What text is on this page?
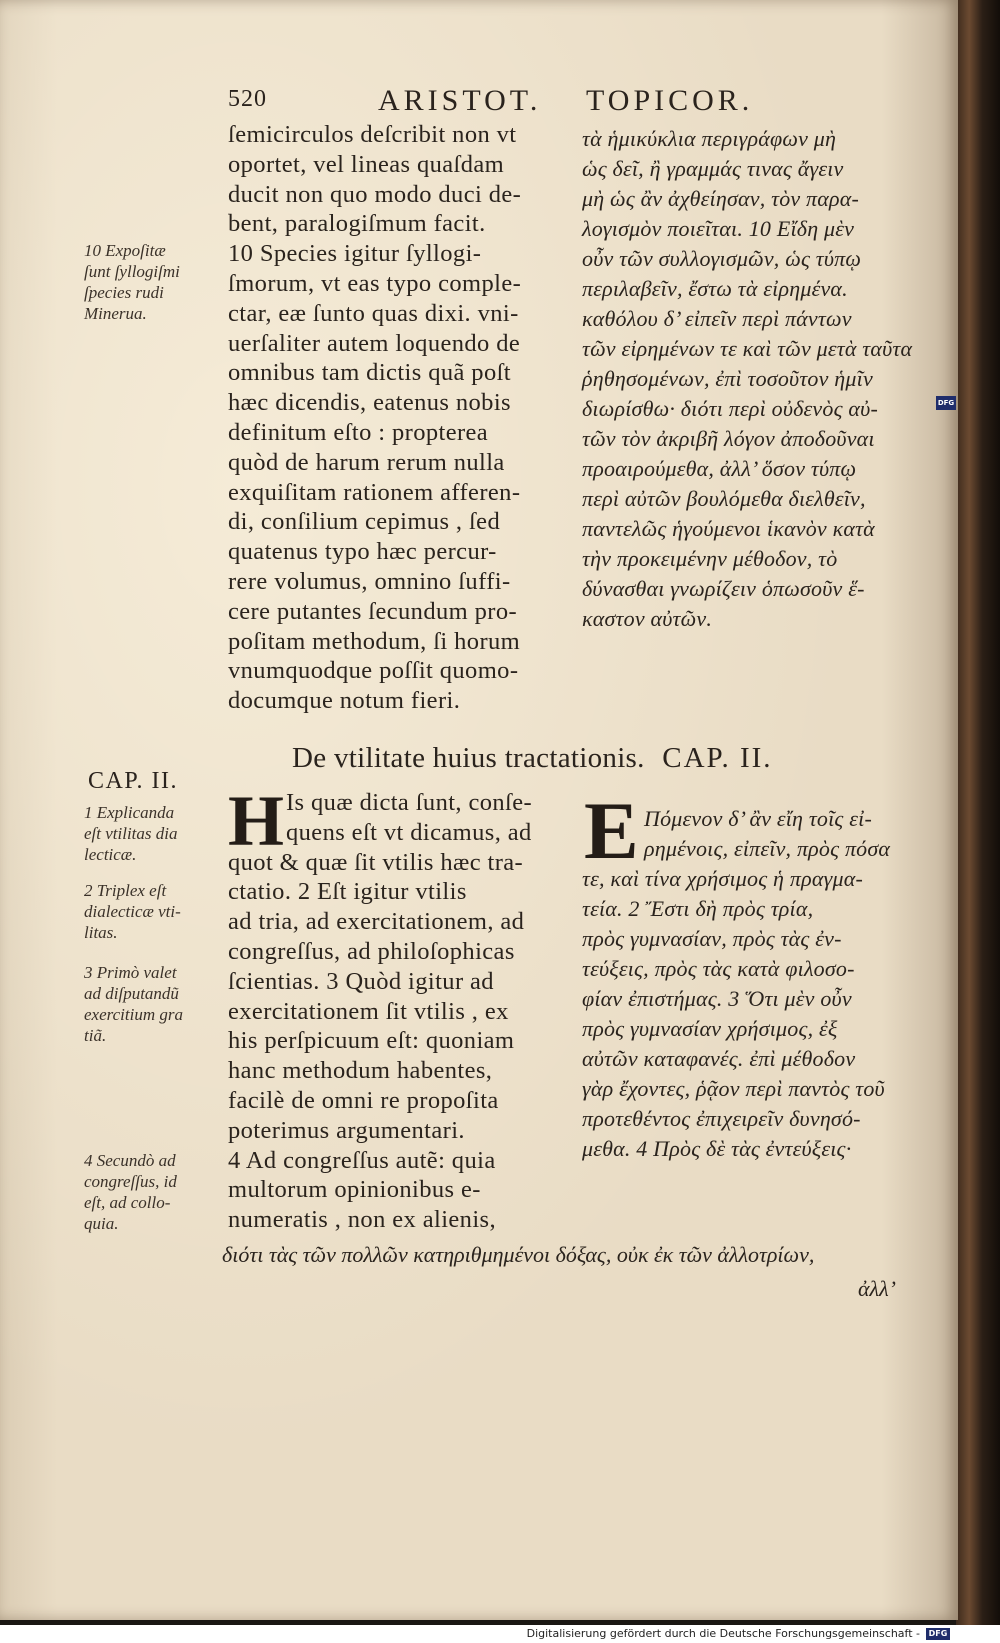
520	ARISTOT. TOPICOR.
ſemicirculos deſcribit non vt
oportet, vel lineas quaſdam
ducit non quo modo duci de-
bent, paralogiſmum facit.
10 Species igitur ſyllogi-
ſmorum, vt eas typo comple-
ctar, eæ ſunto quas dixi. vni-
uerſaliter autem loquendo de
omnibus tam dictis quã poſt
hæc dicendis, eatenus nobis
definitum eſto : propterea
quòd de harum rerum nulla
exquiſitam rationem afferen-
di, conſilium cepimus , ſed
quatenus typo hæc percur-
rere volumus, omnino ſuffi-
cere putantes ſecundum pro-
poſitam methodum, ſi horum
vnumquodque poſſit quomo-
documque notum fieri.
τὰ ἡμικύκλια περιγράφων μὴ
ὡς δεῖ, ἢ γραμμάς τινας ἄγειν
μὴ ὡς ἂν ἀχθείησαν, τὸν παρα-
λογισμὸν ποιεῖται. 10 Εἴδη μὲν
οὖν τῶν συλλογισμῶν, ὡς τύπῳ
περιλαβεῖν, ἔστω τὰ εἰρημένα.
καθόλου δ’ εἰπεῖν περὶ πάντων
τῶν εἰρημένων τε καὶ τῶν μετὰ ταῦτα
ῥηθησομένων, ἐπὶ τοσοῦτον ἡμῖν
διωρίσθω· διότι περὶ οὐδενὸς αὐ-
τῶν τὸν ἀκριβῆ λόγον ἀποδοῦναι
προαιρούμεθα, ἀλλ’ ὅσον τύπῳ
περὶ αὐτῶν βουλόμεθα διελθεῖν,
παντελῶς ἡγούμενοι ἱκανὸν κατὰ
τὴν προκειμένην μέθοδον, τὸ
δύνασθαι γνωρίζειν ὁπωσοῦν ἕ-
καστον αὐτῶν.
10 Expoſitæ
ſunt ſyllogiſmi
ſpecies rudi
Minerua.
De vtilitate huius tractationis. CAP. II.
CAP. II.
1 Explicanda
eſt vtilitas dia
lecticæ.
2 Triplex eſt
dialecticæ vti-
litas.
3 Primò valet
ad diſputandũ
exercitium gra
tiã.
4 Secundò ad
congreſſus, id
eſt, ad collo-
quia.
H Is quæ dicta ſunt, conſe-
quens eſt vt dicamus, ad
quot & quæ ſit vtilis hæc tra-
ctatio. 2 Eſt igitur vtilis
ad tria, ad exercitationem, ad
congreſſus, ad philoſophicas
ſcientias. 3 Quòd igitur ad
exercitationem ſit vtilis , ex
his perſpicuum eſt: quoniam
hanc methodum habentes,
facilè de omni re propoſita
poterimus argumentari.
4 Ad congreſſus autẽ: quia
multorum opinionibus e-
numeratis , non ex alienis,
E Πόμενον δ’ ἂν εἴη τοῖς εἰ-
ρημένοις, εἰπεῖν, πρὸς πόσα
τε, καὶ τίνα χρήσιμος ἡ πραγμα-
τεία. 2 Ἔστι δὴ πρὸς τρία,
πρὸς γυμνασίαν, πρὸς τὰς ἐν-
τεύξεις, πρὸς τὰς κατὰ φιλοσο-
φίαν ἐπιστήμας. 3 Ὅτι μὲν οὖν
πρὸς γυμνασίαν χρήσιμος, ἐξ
αὐτῶν καταφανές. ἐπὶ μέθοδον
γὰρ ἔχοντες, ῥᾷον περὶ παντὸς τοῦ
προτεθέντος ἐπιχειρεῖν δυνησό-
μεθα. 4 Πρὸς δὲ τὰς ἐντεύξεις·
διότι τὰς τῶν πολλῶν κατηριθμημένοι δόξας, οὐκ ἐκ τῶν ἀλλοτρίων,
ἀλλ’
DFG
Digitalisierung gefördert durch die Deutsche Forschungsgemeinschaft -	DFG
